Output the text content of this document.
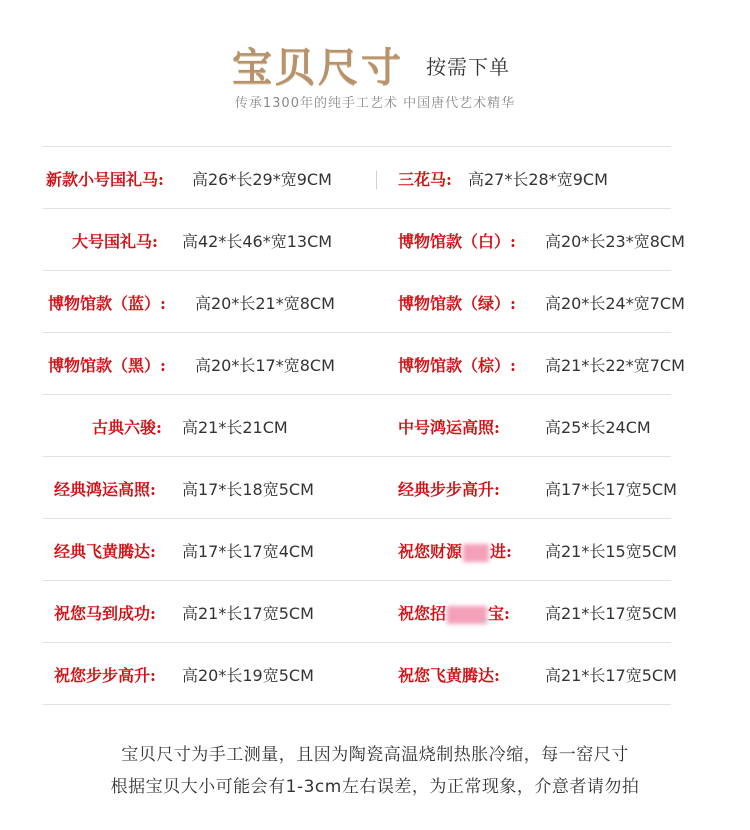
宝贝尺寸 按需下单
传承1300年的纯手工艺术 中国唐代艺术精华
新款小号国礼马: 高26*长29*宽9CM	三花马: 高27*长28*宽9CM
大号国礼马: 高42*长46*宽13CM	博物馆款（白）: 高20*长23*宽8CM
博物馆款（蓝）: 高20*长21*宽8CM	博物馆款（绿）: 高20*长24*宽7CM
博物馆款（黑）: 高20*长17*宽8CM	博物馆款（棕）: 高21*长22*宽7CM
古典六骏: 高21*长21CM	中号鸿运高照:	高25*长24CM
经典鸿运高照: 高17*长18宽5CM	经典步步高升:	高17*长17宽5CM
经典飞黄腾达: 高17*长17宽4CM	祝您财源 进: 高21*长15宽5CM
祝您马到成功: 高21*长17宽5CM	祝您招	宝: 高21*长17宽5CM
祝您步步高升: 高20*长19宽5CM	祝您飞黄腾达:	高21*长17宽5CM
宝贝尺寸为手工测量，且因为陶瓷高温烧制热胀冷缩，每一窑尺寸
根据宝贝大小可能会有1-3cm左右误差，为正常现象，介意者请勿拍
